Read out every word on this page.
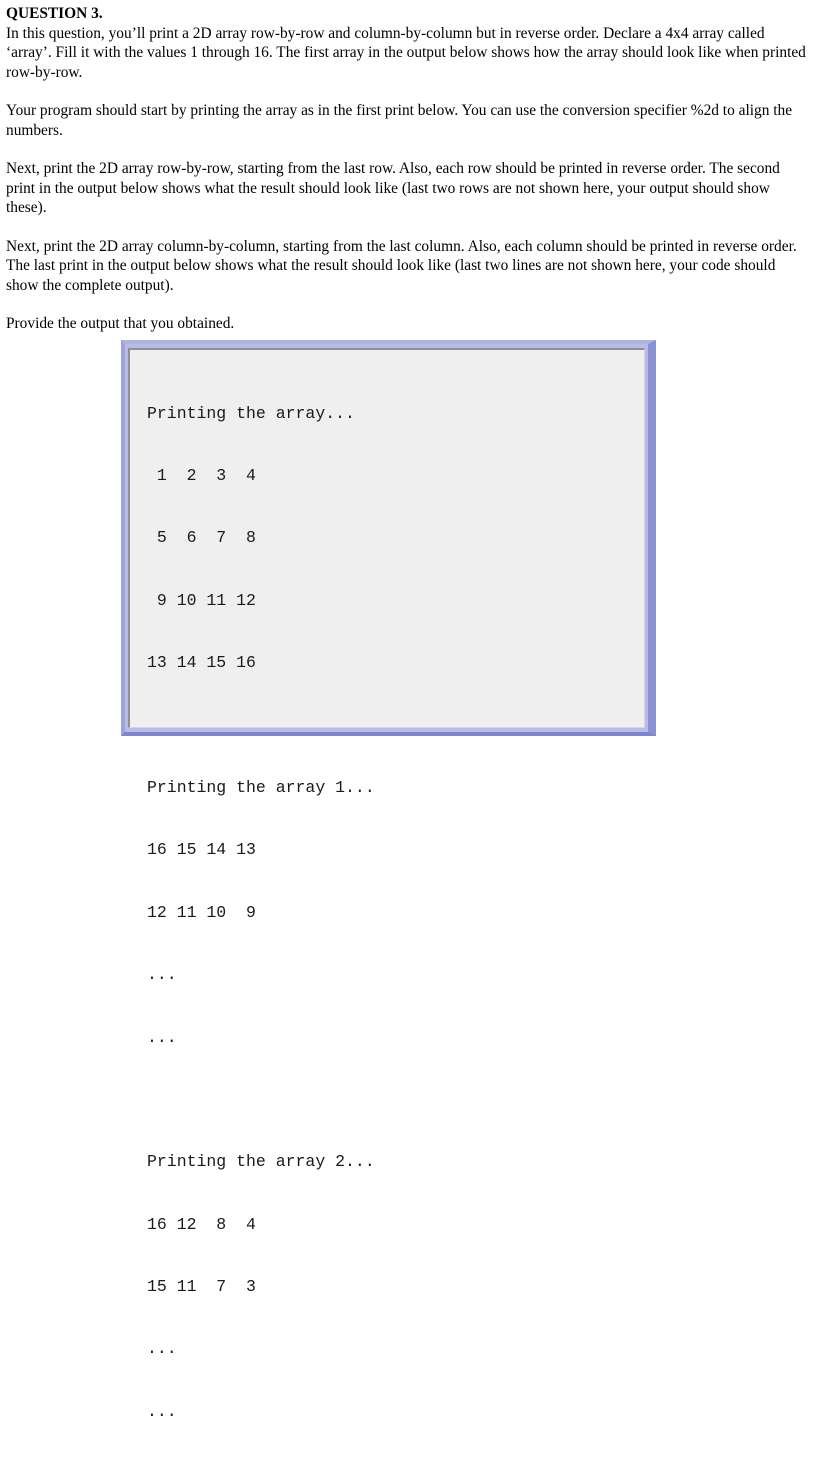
QUESTION 3.

In this question, you’ll print a 2D array row-by-row and column-by-column but in reverse order. Declare a 4x4 array called ‘array’. Fill it with the values 1 through 16. The first array in the output below shows how the array should look like when printed row-by-row.

Your program should start by printing the array as in the first print below. You can use the conversion specifier %2d to align the numbers.

Next, print the 2D array row-by-row, starting from the last row. Also, each row should be printed in reverse order. The second print in the output below shows what the result should look like (last two rows are not shown here, your output should show these).

Next, print the 2D array column-by-column, starting from the last column. Also, each column should be printed in reverse order. The last print in the output below shows what the result should look like (last two lines are not shown here, your code should show the complete output).

Provide the output that you obtained.

Printing the array...

1  2  3  4

5  6  7  8

9 10 11 12

13 14 15 16

Printing the array 1...

16 15 14 13

12 11 10  9

...

...

Printing the array 2...

16 12  8  4

15 11  7  3

...

...
